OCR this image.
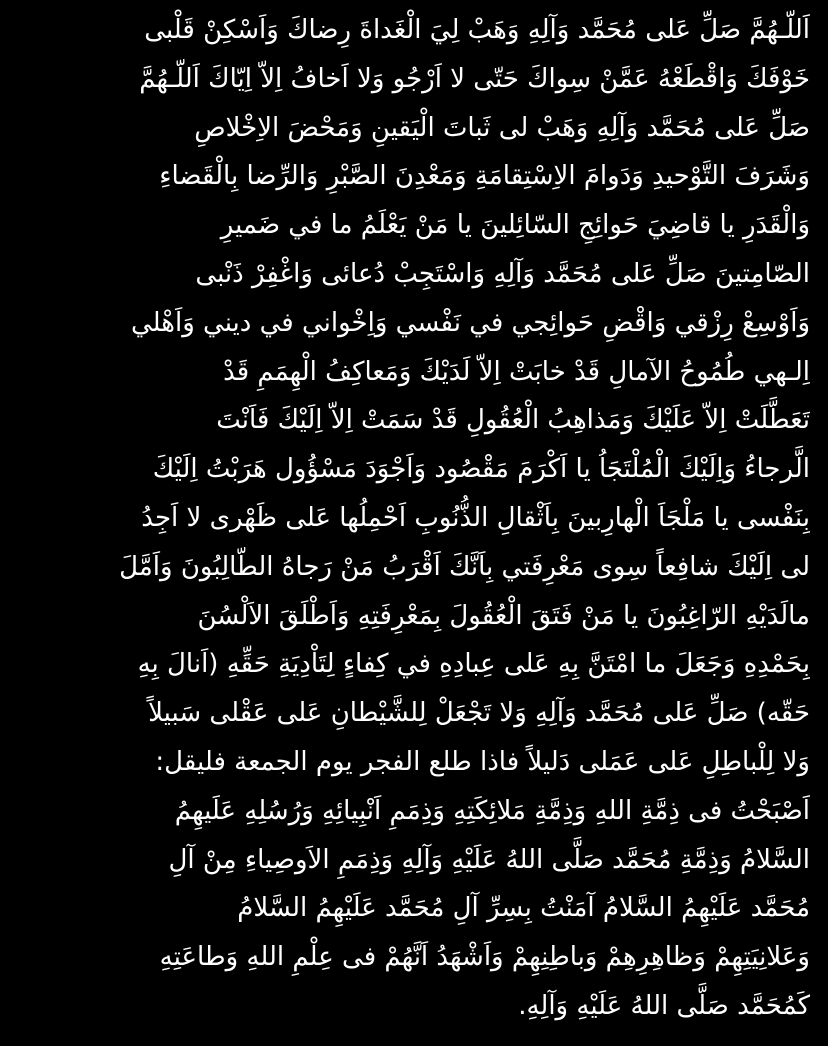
اَللّـهُمَّ صَلِّ عَلى مُحَمَّد وَآلِهِ وَهَبْ لِيَ الْغَداةَ رِضاكَ وَاَسْكِنْ قَلْبى
خَوْفَكَ وَاقْطَعْهُ عَمَّنْ سِواكَ حَتّى لا اَرْجُو وَلا اَخافُ اِلاّ اِيّاكَ اَللّـهُمَّ
صَلِّ عَلى مُحَمَّد وَآلِهِ وَهَبْ لى ثَباتَ الْيَقينِ وَمَحْضَ الاِخْلاصِ
وَشَرَفَ التَّوْحيدِ وَدَوامَ الاِسْتِقامَةِ وَمَعْدِنَ الصَّبْرِ وَالرِّضا بِالْقَضاءِ
وَالْقَدَرِ يا قاضِيَ حَوائِجِ السّائِلينَ يا مَنْ يَعْلَمُ ما في ضَميرِ
الصّامِتينَ صَلِّ عَلى مُحَمَّد وَآلِهِ وَاسْتَجِبْ دُعائى وَاغْفِرْ ذَنْبى
وَاَوْسِعْ رِزْقي وَاقْضِ حَوائِجي في نَفْسي وَاِخْواني في ديني وَاَهْلي
اِلـهي طُمُوحُ الآمالِ قَدْ خابَتْ اِلاّ لَدَيْكَ وَمَعاكِفُ الْهِمَمِ قَدْ
تَعَطَّلَتْ اِلاّ عَلَيْكَ وَمَذاهِبُ الْعُقُولِ قَدْ سَمَتْ اِلاّ اِلَيْكَ فَاَنْتَ
الَّرجاءُ وَاِلَيْكَ الْمُلْتَجَاُ يا اَكْرَمَ مَقْصُود وَاَجْوَدَ مَسْؤُول هَرَبْتُ اِلَيْكَ
بِنَفْسى يا مَلْجَاَ الْهارِبينَ بِاَثْقالِ الذُّنُوبِ اَحْمِلُها عَلى ظَهْرى لا اَجِدُ
لى اِلَيْكَ شافِعاً سِوى مَعْرِفَتي بِاَنَّكَ اَقْرَبُ مَنْ رَجاهُ الطّالِبُونَ وَاَمَّلَ
مالَدَيْهِ الرّاغِبُونَ يا مَنْ فَتَقَ الْعُقُولَ بِمَعْرِفَتِهِ وَاَطْلَقَ الاَلْسُنَ
بِحَمْدِهِ وَجَعَلَ ما امْتَنَّ بِهِ عَلى عِبادِهِ في كِفاءٍ لِتَاْدِيَةِ حَقِّهِ (اَنالَ بِهِ
حَقّه) صَلِّ عَلى مُحَمَّد وَآلِهِ وَلا تَجْعَلْ لِلشَّيْطانِ عَلى عَقْلى سَبيلاً
وَلا لِلْباطِلِ عَلى عَمَلى دَليلاً فاذا طلع الفجر يوم الجمعة فليقل:
اَصْبَحْتُ فى ذِمَّةِ اللهِ وَذِمَّةِ مَلائِكَتِهِ وَذِمَمِ اَنْبِيائِهِ وَرُسُلِهِ عَلَيهِمُ
السَّلامُ وَذِمَّةِ مُحَمَّد صَلَّى اللهُ عَلَيْهِ وَآلِهِ وَذِمَمِ الاَوصِياءِ مِنْ آلِ
مُحَمَّد عَلَيْهِمُ السَّلامُ آمَنْتُ بِسِرِّ آلِ مُحَمَّد عَلَيْهِمُ السَّلامُ
وَعَلانِيَتِهِمْ وَظاهِرِهِمْ وَباطِنِهِمْ وَاَشْهَدُ اَنَّهُمْ فى عِلْمِ اللهِ وَطاعَتِهِ
كَمُحَمَّد صَلَّى اللهُ عَلَيْهِ وَآلِهِ.
